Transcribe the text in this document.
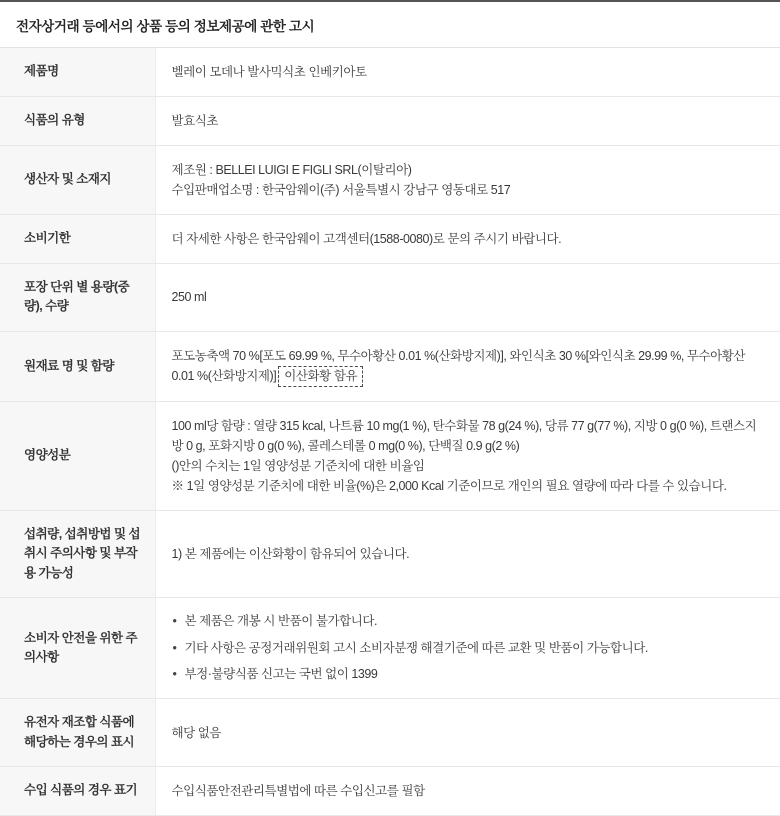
전자상거래 등에서의 상품 등의 정보제공에 관한 고시
제품명	벨레이 모데나 발사믹식초 인베키아토
식품의 유형	발효식초
생산자 및 소재지	제조원 : BELLEI LUIGI E FIGLI SRL(이탈리아)
수입판매업소명 : 한국암웨이(주) 서울특별시 강남구 영동대로 517

소비기한	더 자세한 사항은 한국암웨이 고객센터(1588-0080)로 문의 주시기 바랍니다.
포장 단위 별 용량(중량), 수량	250 ml
원재료 명 및 함량	포도농축액 70 %[포도 69.99 %, 무수아황산 0.01 %(산화방지제)], 와인식초 30 %[와인식초 29.99 %, 무수아황산 0.01 %(산화방지제)] 이산화황 함유
영양성분	100 ml당 함량 : 열량 315 kcal, 나트륨 10 mg(1 %), 탄수화물 78 g(24 %), 당류 77 g(77 %), 지방 0 g(0 %), 트랜스지방 0 g, 포화지방 0 g(0 %), 콜레스테롤 0 mg(0 %), 단백질 0.9 g(2 %)
()안의 수치는 1일 영양성분 기준치에 대한 비율임
※ 1일 영양성분 기준치에 대한 비율(%)은 2,000 Kcal 기준이므로 개인의 필요 열량에 따라 다를 수 있습니다.

섭취량, 섭취방법 및 섭취시 주의사항 및 부작용 가능성	1) 본 제품에는 이산화황이 함유되어 있습니다.
소비자 안전을 위한 주의사항	
• 본 제품은 개봉 시 반품이 불가합니다.
• 기타 사항은 공정거래위원회 고시 소비자분쟁 해결기준에 따른 교환 및 반품이 가능합니다.
• 부정·불량식품 신고는 국번 없이 1399

유전자 재조합 식품에 해당하는 경우의 표시	해당 없음
수입 식품의 경우 표기	수입식품안전관리특별법에 따른 수입신고를 필함
